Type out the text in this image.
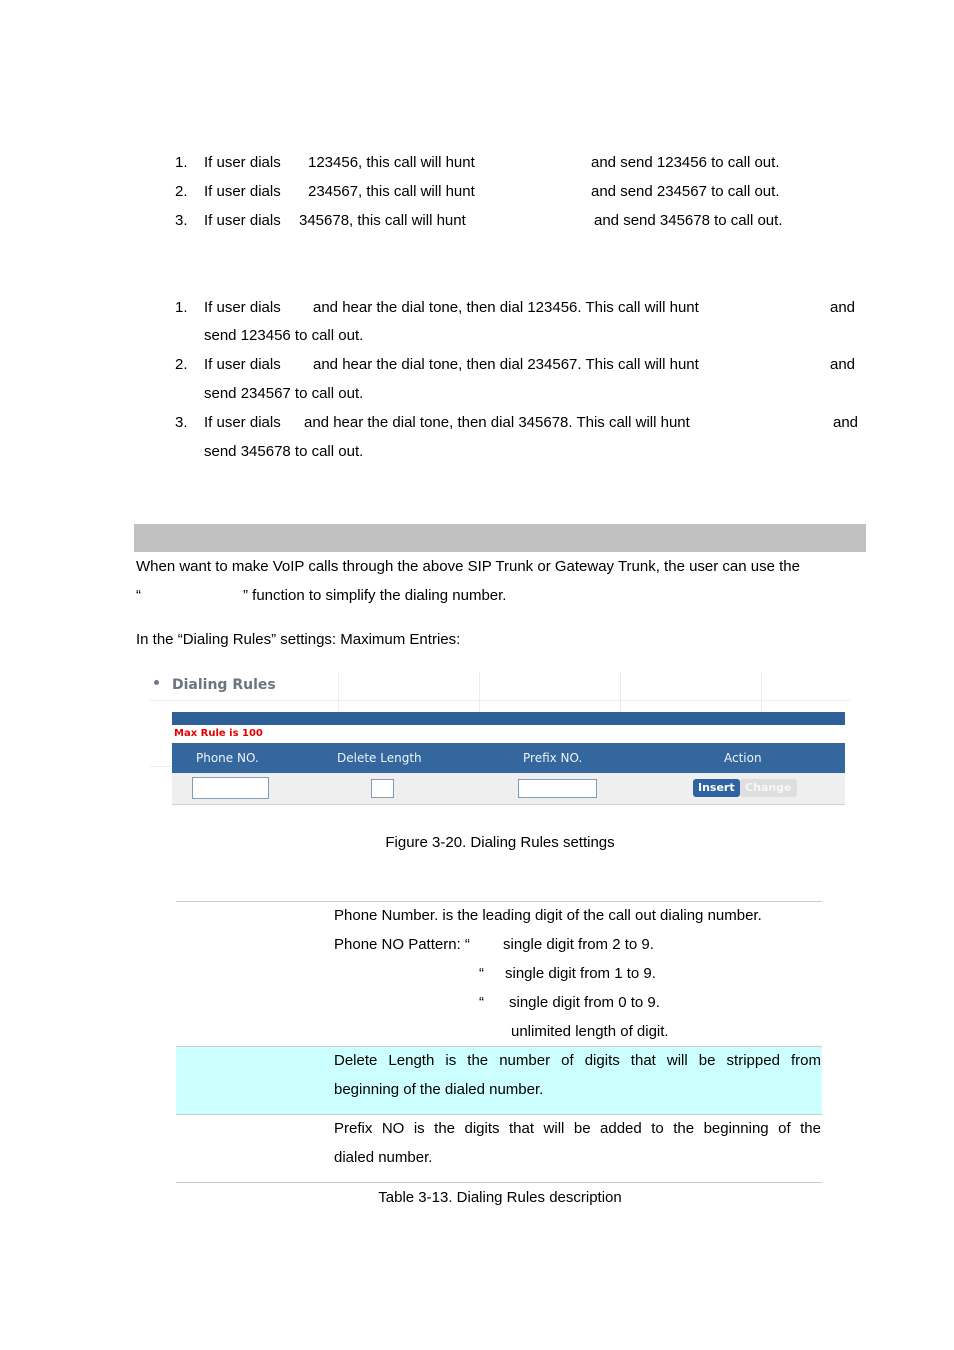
1. If user dials 123456, this call will hunt	and send 123456 to call out.
2. If user dials 234567, this call will hunt	and send 234567 to call out.
3. If user dials 345678, this call will hunt	and send 345678 to call out.
1. If user dials and hear the dial tone, then dial 123456. This call will hunt	and
send 123456 to call out.
2. If user dials and hear the dial tone, then dial 234567. This call will hunt	and
send 234567 to call out.
3. If user dials and hear the dial tone, then dial 345678. This call will hunt	and
send 345678 to call out.
When want to make VoIP calls through the above SIP Trunk or Gateway Trunk, the user can use the
“	” function to simplify the dialing number.
In the “Dialing Rules” settings: Maximum Entries:
Dialing Rules
Max Rule is 100
Phone NO.	Delete Length	Prefix NO.	Action
Insert Change
Figure 3-20. Dialing Rules settings
Phone Number. is the leading digit of the call out dialing number.
Phone NO Pattern: “ single digit from 2 to 9.
“ single digit from 1 to 9.
“ single digit from 0 to 9.
unlimited length of digit.
Delete Length is the number of digits that will be stripped from
beginning of the dialed number.
Prefix NO is the digits that will be added to the beginning of the
dialed number.
Table 3-13. Dialing Rules description
